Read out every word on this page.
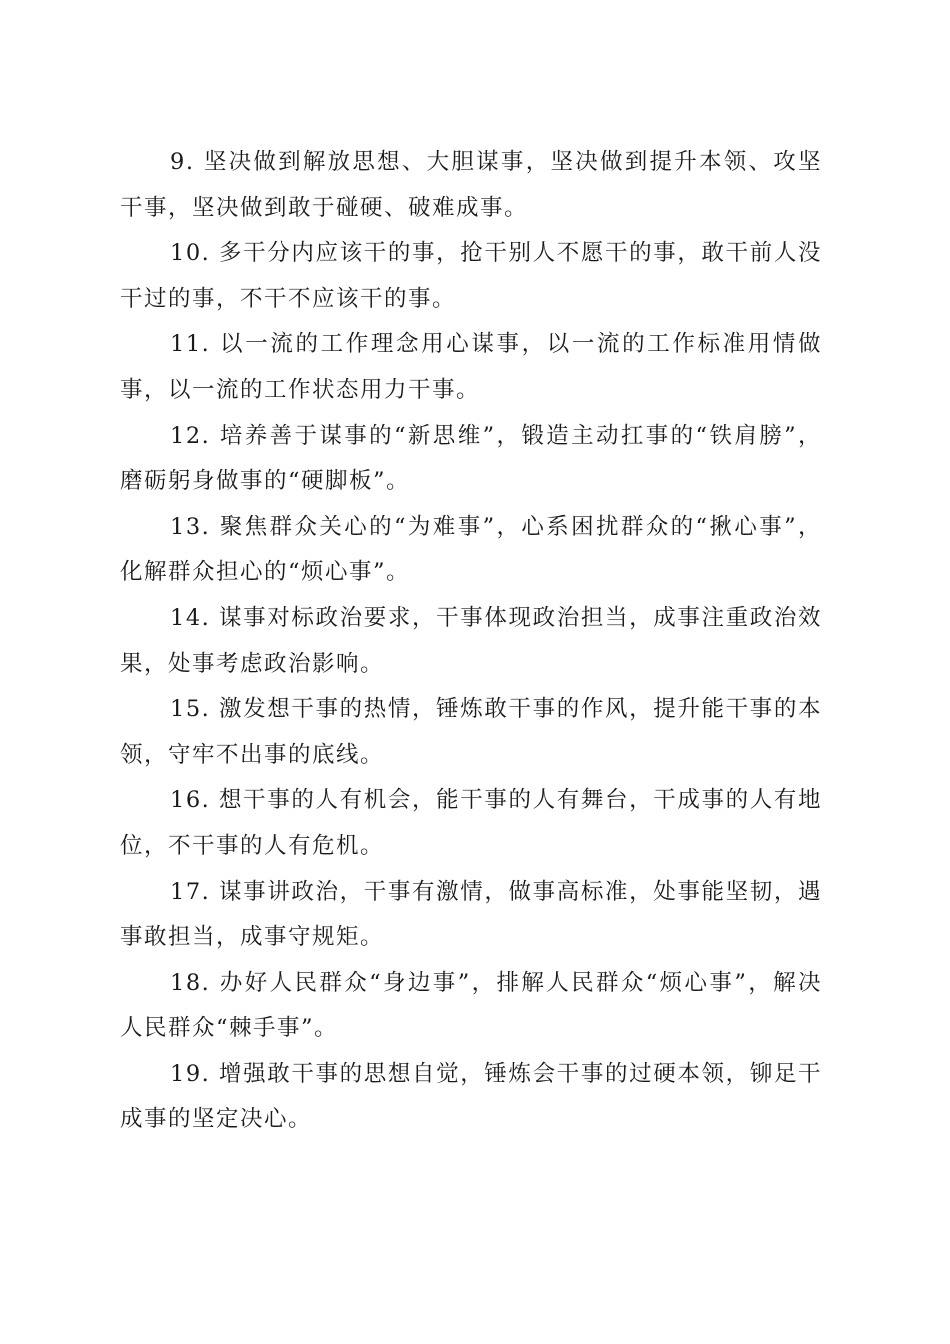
9. 坚决做到解放思想、大胆谋事，坚决做到提升本领、攻坚干事，坚决做到敢于碰硬、破难成事。

10. 多干分内应该干的事，抢干别人不愿干的事，敢干前人没干过的事，不干不应该干的事。

11. 以一流的工作理念用心谋事，以一流的工作标准用情做事，以一流的工作状态用力干事。

12. 培养善于谋事的“新思维”，锻造主动扛事的“铁肩膀”，磨砺躬身做事的“硬脚板”。

13. 聚焦群众关心的“为难事”，心系困扰群众的“揪心事”，化解群众担心的“烦心事”。

14. 谋事对标政治要求，干事体现政治担当，成事注重政治效果，处事考虑政治影响。

15. 激发想干事的热情，锤炼敢干事的作风，提升能干事的本领，守牢不出事的底线。

16. 想干事的人有机会，能干事的人有舞台，干成事的人有地位，不干事的人有危机。

17. 谋事讲政治，干事有激情，做事高标准，处事能坚韧，遇事敢担当，成事守规矩。

18. 办好人民群众“身边事”，排解人民群众“烦心事”，解决人民群众“棘手事”。

19. 增强敢干事的思想自觉，锤炼会干事的过硬本领，铆足干成事的坚定决心。
